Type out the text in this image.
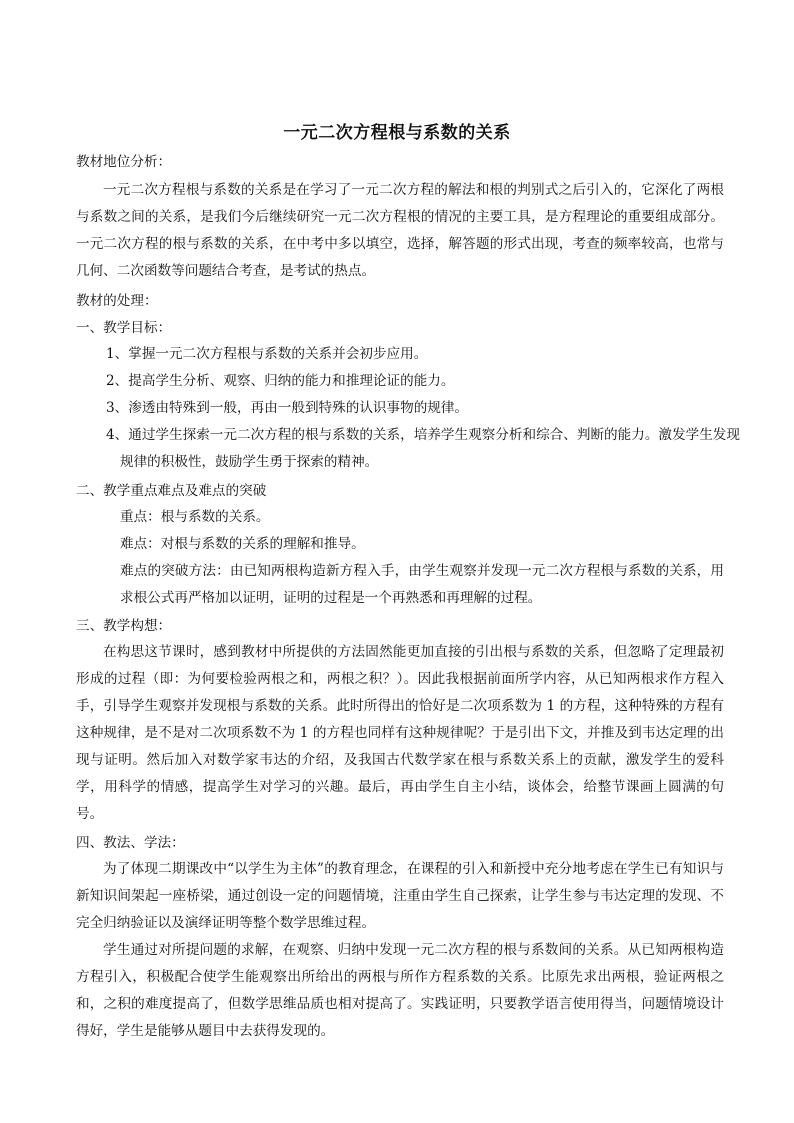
一元二次方程根与系数的关系
教材地位分析：
一元二次方程根与系数的关系是在学习了一元二次方程的解法和根的判别式之后引入的，它深化了两根与系数之间的关系，是我们今后继续研究一元二次方程根的情况的主要工具，是方程理论的重要组成部分。一元二次方程的根与系数的关系，在中考中多以填空，选择，解答题的形式出现，考查的频率较高，也常与几何、二次函数等问题结合考查，是考试的热点。
教材的处理：
一、教学目标：
1、掌握一元二次方程根与系数的关系并会初步应用。
2、提高学生分析、观察、归纳的能力和推理论证的能力。
3、渗透由特殊到一般，再由一般到特殊的认识事物的规律。
4、通过学生探索一元二次方程的根与系数的关系，培养学生观察分析和综合、判断的能力。激发学生发现规律的积极性，鼓励学生勇于探索的精神。
二、教学重点难点及难点的突破
重点：根与系数的关系。
难点：对根与系数的关系的理解和推导。
难点的突破方法：由已知两根构造新方程入手，由学生观察并发现一元二次方程根与系数的关系，用求根公式再严格加以证明，证明的过程是一个再熟悉和再理解的过程。
三、教学构想：
在构思这节课时，感到教材中所提供的方法固然能更加直接的引出根与系数的关系，但忽略了定理最初形成的过程（即：为何要检验两根之和，两根之积？）。因此我根据前面所学内容，从已知两根求作方程入手，引导学生观察并发现根与系数的关系。此时所得出的恰好是二次项系数为 1 的方程，这种特殊的方程有这种规律，是不是对二次项系数不为 1 的方程也同样有这种规律呢？于是引出下文，并推及到韦达定理的出现与证明。然后加入对数学家韦达的介绍，及我国古代数学家在根与系数关系上的贡献，激发学生的爱科学，用科学的情感，提高学生对学习的兴趣。最后，再由学生自主小结，谈体会，给整节课画上圆满的句号。
四、教法、学法：
为了体现二期课改中“以学生为主体”的教育理念，在课程的引入和新授中充分地考虑在学生已有知识与新知识间架起一座桥梁，通过创设一定的问题情境，注重由学生自己探索，让学生参与韦达定理的发现、不完全归纳验证以及演绎证明等整个数学思维过程。
学生通过对所提问题的求解，在观察、归纳中发现一元二次方程的根与系数间的关系。从已知两根构造方程引入，积极配合使学生能观察出所给出的两根与所作方程系数的关系。比原先求出两根，验证两根之和，之积的难度提高了，但数学思维品质也相对提高了。实践证明，只要教学语言使用得当，问题情境设计得好，学生是能够从题目中去获得发现的。
